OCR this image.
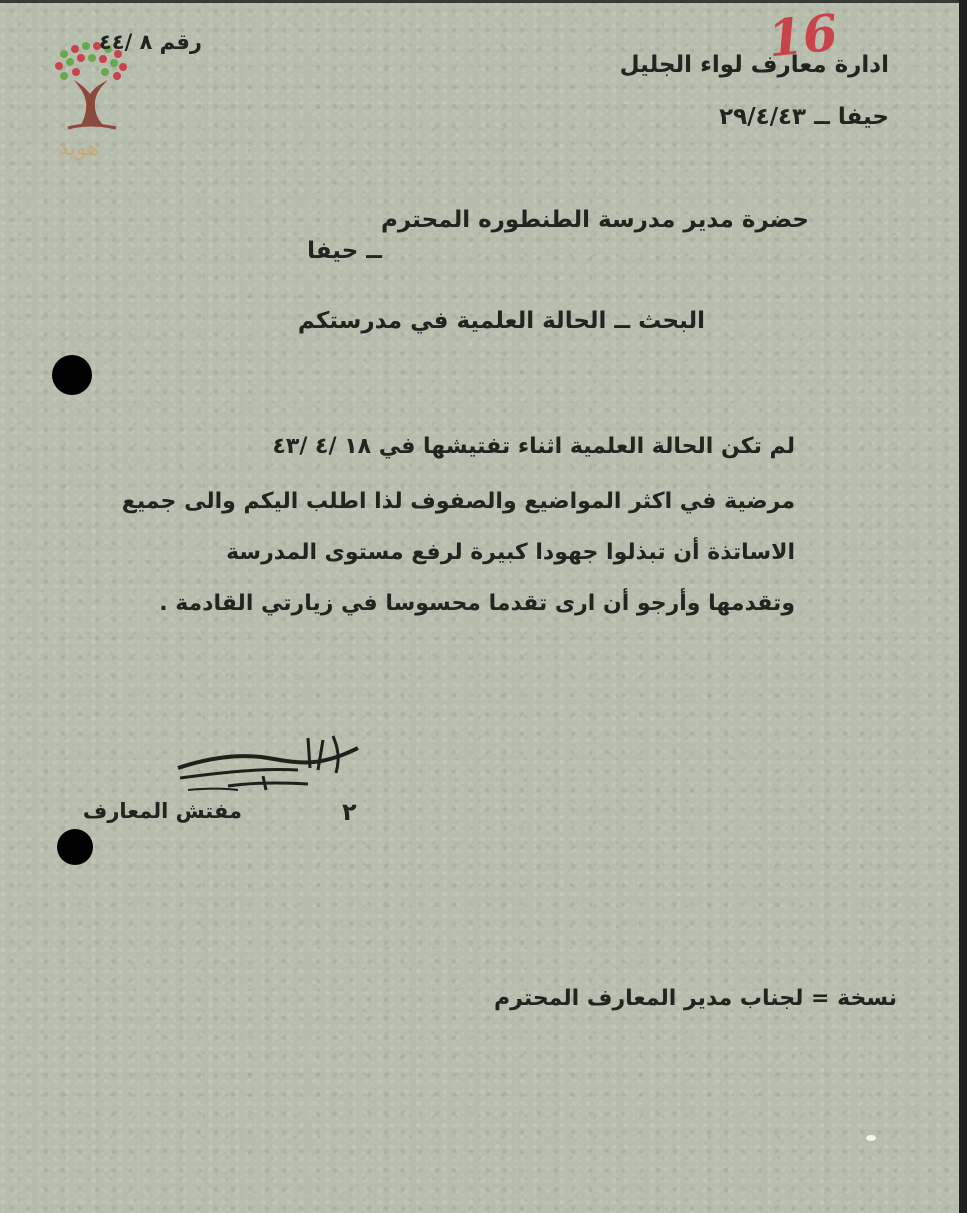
هوية
رقم ٨ /٤٤	16
ادارة معارف لواء الجليل
حيفا ــ ٢٩/٤/٤٣
حضرة مدير مدرسة الطنطوره المحترم
ــ حيفا
البحث ــ الحالة العلمية في مدرستكم
لم تكن الحالة العلمية اثناء تفتيشها في ١٨ /٤ /٤٣
مرضية في اكثر المواضيع والصفوف لذا اطلب اليكم والى جميع
الاساتذة أن تبذلوا جهودا كبيرة لرفع مستوى المدرسة
وتقدمها وأرجو أن ارى تقدما محسوسا في زيارتي القادمة .
مفتش المعارف	٢
نسخة = لجناب مدير المعارف المحترم
